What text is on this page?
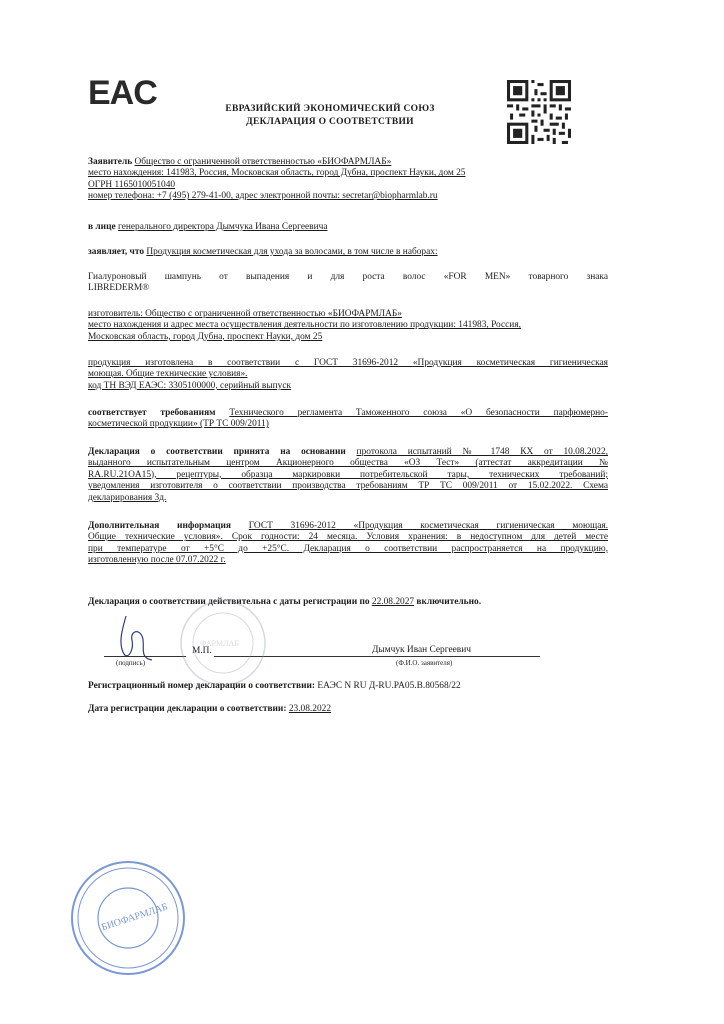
EAC	ЕВРАЗИЙСКИЙ ЭКОНОМИЧЕСКИЙ СОЮЗ
ДЕКЛАРАЦИЯ О СООТВЕТСТВИИ
Заявитель Общество с ограниченной ответственностью «БИОФАРМЛАБ»
место нахождения: 141983, Россия, Московская область, город Дубна, проспект Науки, дом 25
ОГРН 1165010051040
номер телефона: +7 (495) 279-41-00, адрес электронной почты: secretar@biopharmlab.ru
в лице генерального директора Дымчука Ивана Сергеевича
заявляет, что Продукция косметическая для ухода за волосами, в том числе в наборах:
Гиалуроновый шампунь от выпадения и для роста волос «FOR MEN» товарного знака
LIBREDERM®
изготовитель: Общество с ограниченной ответственностью «БИОФАРМЛАБ»
место нахождения и адрес места осуществления деятельности по изготовлению продукции: 141983, Россия,
Московская область, город Дубна, проспект Науки, дом 25
продукция изготовлена в соответствии с ГОСТ 31696-2012 «Продукция косметическая гигиеническая
моющая. Общие технические условия».
код ТН ВЭД ЕАЭС: 3305100000, серийный выпуск
соответствует требованиям Технического регламента Таможенного союза «О безопасности парфюмерно-
косметической продукции» (ТР ТС 009/2011)
Декларация о соответствии принята на основании протокола испытаний № 1748 КХ от 10.08.2022,
выданного испытательным центром Акционерного общества «ОЗ Тест» (аттестат аккредитации №
RA.RU.21OA15), рецептуры, образца маркировки потребительской тары, технических требований;
уведомления изготовителя о соответствии производства требованиям ТР ТС 009/2011 от 15.02.2022. Схема
декларирования 3д.
Дополнительная информация ГОСТ 31696-2012 «Продукция косметическая гигиеническая моющая.
Общие технические условия». Срок годности: 24 месяца. Условия хранения: в недоступном для детей месте
при температуре от +5°С до +25°С. Декларация о соответствии распространяется на продукцию,
изготовленную после 07.07.2022 г.
Декларация о соответствии действительна с даты регистрации по 22.08.2027 включительно.
(подпись)
М.П.	Дымчук Иван Сергеевич
(Ф.И.О. заявителя)
ФАРМЛАБ
Регистрационный номер декларации о соответствии: ЕАЭС N RU Д-RU.PA05.B.80568/22
Дата регистрации декларации о соответствии: 23.08.2022
БИОФАРМЛАБ
